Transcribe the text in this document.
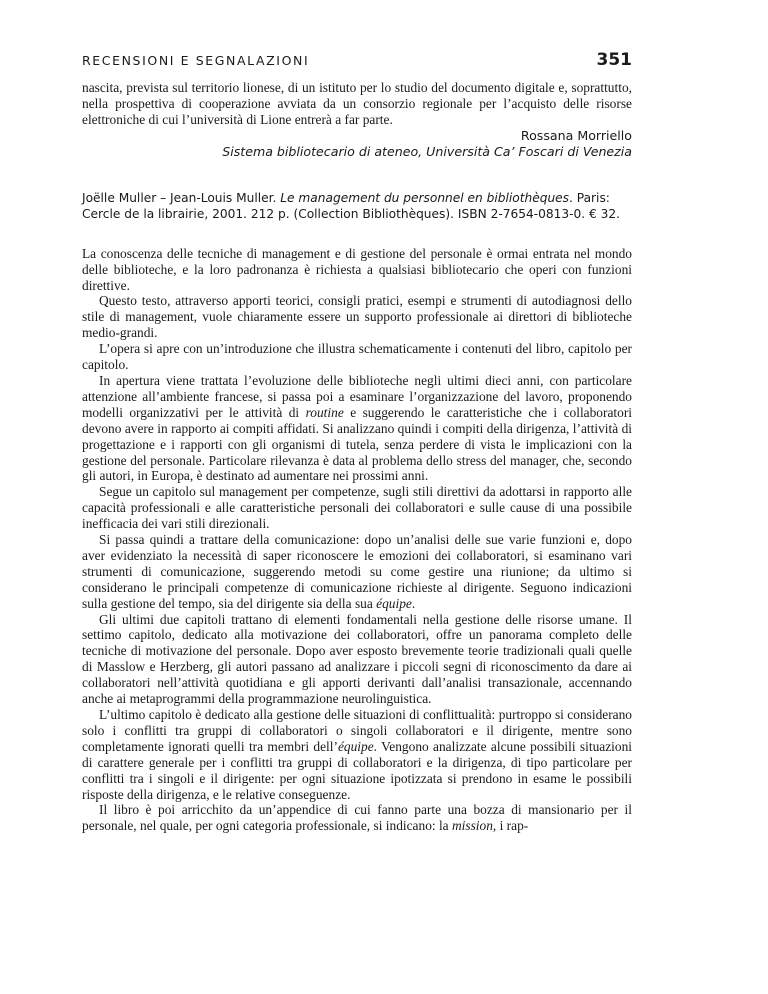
RECENSIONI E SEGNALAZIONI	351

nascita, prevista sul territorio lionese, di un istituto per lo studio del documento digitale e, soprattutto, nella prospettiva di cooperazione avviata da un consorzio regionale per l’acquisto delle risorse elettroniche di cui l’università di Lione entrerà a far parte.

Rossana Morriello
Sistema bibliotecario di ateneo, Università Ca’ Foscari di Venezia
Joëlle Muller – Jean-Louis Muller. Le management du personnel en bibliothèques. Paris: Cercle de la librairie, 2001. 212 p. (Collection Bibliothèques). ISBN 2-7654-0813-0. € 32.

La conoscenza delle tecniche di management e di gestione del personale è ormai entrata nel mondo delle biblioteche, e la loro padronanza è richiesta a qualsiasi bibliotecario che operi con funzioni direttive.

Questo testo, attraverso apporti teorici, consigli pratici, esempi e strumenti di autodiagnosi dello stile di management, vuole chiaramente essere un supporto professionale ai direttori di biblioteche medio-grandi.

L’opera si apre con un’introduzione che illustra schematicamente i contenuti del libro, capitolo per capitolo.

In apertura viene trattata l’evoluzione delle biblioteche negli ultimi dieci anni, con particolare attenzione all’ambiente francese, si passa poi a esaminare l’organizzazione del lavoro, proponendo modelli organizzativi per le attività di routine e suggerendo le caratteristiche che i collaboratori devono avere in rapporto ai compiti affidati. Si analizzano quindi i compiti della dirigenza, l’attività di progettazione e i rapporti con gli organismi di tutela, senza perdere di vista le implicazioni con la gestione del personale. Particolare rilevanza è data al problema dello stress del manager, che, secondo gli autori, in Europa, è destinato ad aumentare nei prossimi anni.

Segue un capitolo sul management per competenze, sugli stili direttivi da adottarsi in rapporto alle capacità professionali e alle caratteristiche personali dei collaboratori e sulle cause di una possibile inefficacia dei vari stili direzionali.

Si passa quindi a trattare della comunicazione: dopo un’analisi delle sue varie funzioni e, dopo aver evidenziato la necessità di saper riconoscere le emozioni dei collaboratori, si esaminano vari strumenti di comunicazione, suggerendo metodi su come gestire una riunione; da ultimo si considerano le principali competenze di comunicazione richieste al dirigente. Seguono indicazioni sulla gestione del tempo, sia del dirigente sia della sua équipe.

Gli ultimi due capitoli trattano di elementi fondamentali nella gestione delle risorse umane. Il settimo capitolo, dedicato alla motivazione dei collaboratori, offre un panorama completo delle tecniche di motivazione del personale. Dopo aver esposto brevemente teorie tradizionali quali quelle di Masslow e Herzberg, gli autori passano ad analizzare i piccoli segni di riconoscimento da dare ai collaboratori nell’attività quotidiana e gli apporti derivanti dall’analisi transazionale, accennando anche ai metaprogrammi della programmazione neurolinguistica.

L’ultimo capitolo è dedicato alla gestione delle situazioni di conflittualità: purtroppo si considerano solo i conflitti tra gruppi di collaboratori o singoli collaboratori e il dirigente, mentre sono completamente ignorati quelli tra membri dell’équipe. Vengono analizzate alcune possibili situazioni di carattere generale per i conflitti tra gruppi di collaboratori e la dirigenza, di tipo particolare per conflitti tra i singoli e il dirigente: per ogni situazione ipotizzata si prendono in esame le possibili risposte della dirigenza, e le relative conseguenze.

Il libro è poi arricchito da un’appendice di cui fanno parte una bozza di mansionario per il personale, nel quale, per ogni categoria professionale, si indicano: la mission, i rap-
